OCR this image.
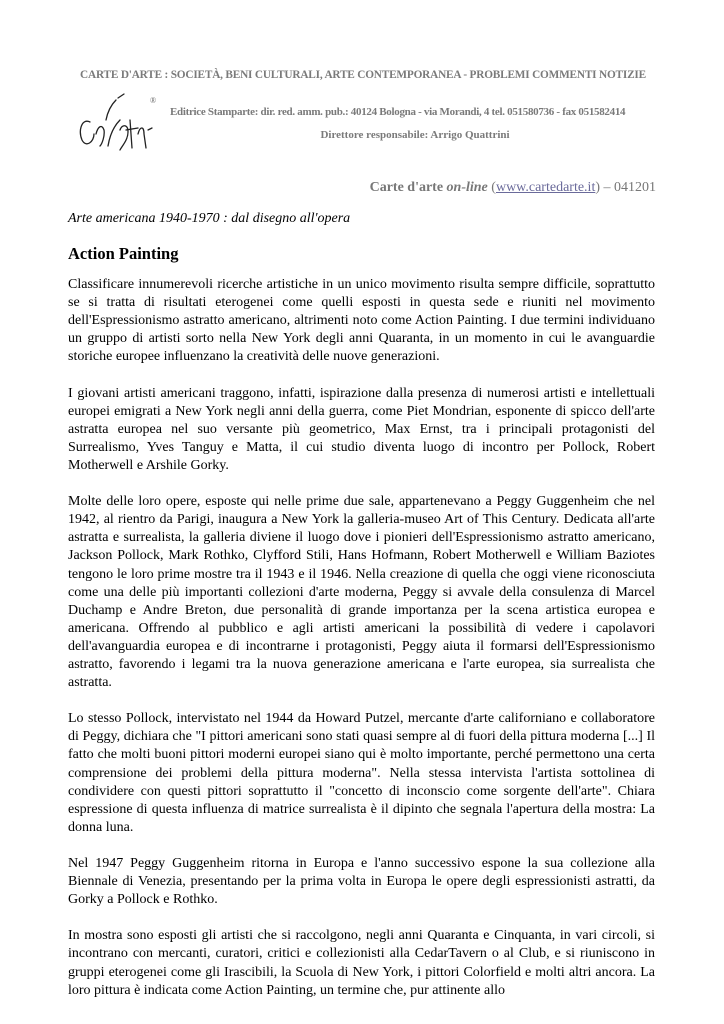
CARTE D'ARTE : SOCIETÀ, BENI CULTURALI, ARTE CONTEMPORANEA - PROBLEMI COMMENTI NOTIZIE
®
Editrice Stamparte: dir. red. amm. pub.: 40124 Bologna - via Morandi, 4 tel. 051580736 - fax 051582414
Direttore responsabile: Arrigo Quattrini
Carte d'arte on-line (www.cartedarte.it) – 041201
Arte americana 1940-1970 : dal disegno all'opera
Action Painting

Classificare innumerevoli ricerche artistiche in un unico movimento risulta sempre difficile, soprattutto se si tratta di risultati eterogenei come quelli esposti in questa sede e riuniti nel movimento dell'Espressionismo astratto americano, altrimenti noto come Action Painting. I due termini individuano un gruppo di artisti sorto nella New York degli anni Quaranta, in un momento in cui le avanguardie storiche europee influenzano la creatività delle nuove generazioni.

I giovani artisti americani traggono, infatti, ispirazione dalla presenza di numerosi artisti e intellettuali europei emigrati a New York negli anni della guerra, come Piet Mondrian, esponente di spicco dell'arte astratta europea nel suo versante più geometrico, Max Ernst, tra i principali protagonisti del Surrealismo, Yves Tanguy e Matta, il cui studio diventa luogo di incontro per Pollock, Robert Motherwell e Arshile Gorky.

Molte delle loro opere, esposte qui nelle prime due sale, appartenevano a Peggy Guggenheim che nel 1942, al rientro da Parigi, inaugura a New York la galleria-museo Art of This Century. Dedicata all'arte astratta e surrealista, la galleria diviene il luogo dove i pionieri dell'Espressionismo astratto americano, Jackson Pollock, Mark Rothko, Clyfford Stili, Hans Hofmann, Robert Motherwell e William Baziotes tengono le loro prime mostre tra il 1943 e il 1946. Nella creazione di quella che oggi viene riconosciuta come una delle più importanti collezioni d'arte moderna, Peggy si avvale della consulenza di Marcel Duchamp e Andre Breton, due personalità di grande importanza per la scena artistica europea e americana. Offrendo al pubblico e agli artisti americani la possibilità di vedere i capolavori dell'avanguardia europea e di incontrarne i protagonisti, Peggy aiuta il formarsi dell'Espressionismo astratto, favorendo i legami tra la nuova generazione americana e l'arte europea, sia surrealista che astratta.

Lo stesso Pollock, intervistato nel 1944 da Howard Putzel, mercante d'arte californiano e collaboratore di Peggy, dichiara che "I pittori americani sono stati quasi sempre al di fuori della pittura moderna [...] Il fatto che molti buoni pittori moderni europei siano qui è molto importante, perché permettono una certa comprensione dei problemi della pittura moderna". Nella stessa intervista l'artista sottolinea di condividere con questi pittori soprattutto il "concetto di inconscio come sorgente dell'arte". Chiara espressione di questa influenza di matrice surrealista è il dipinto che segnala l'apertura della mostra: La donna luna.

Nel 1947 Peggy Guggenheim ritorna in Europa e l'anno successivo espone la sua collezione alla Biennale di Venezia, presentando per la prima volta in Europa le opere degli espressionisti astratti, da Gorky a Pollock e Rothko.

In mostra sono esposti gli artisti che si raccolgono, negli anni Quaranta e Cinquanta, in vari circoli, si incontrano con mercanti, curatori, critici e collezionisti alla CedarTavern o al Club, e si riuniscono in gruppi eterogenei come gli Irascibili, la Scuola di New York, i pittori Colorfield e molti altri ancora. La loro pittura è indicata come Action Painting, un termine che, pur attinente allo
